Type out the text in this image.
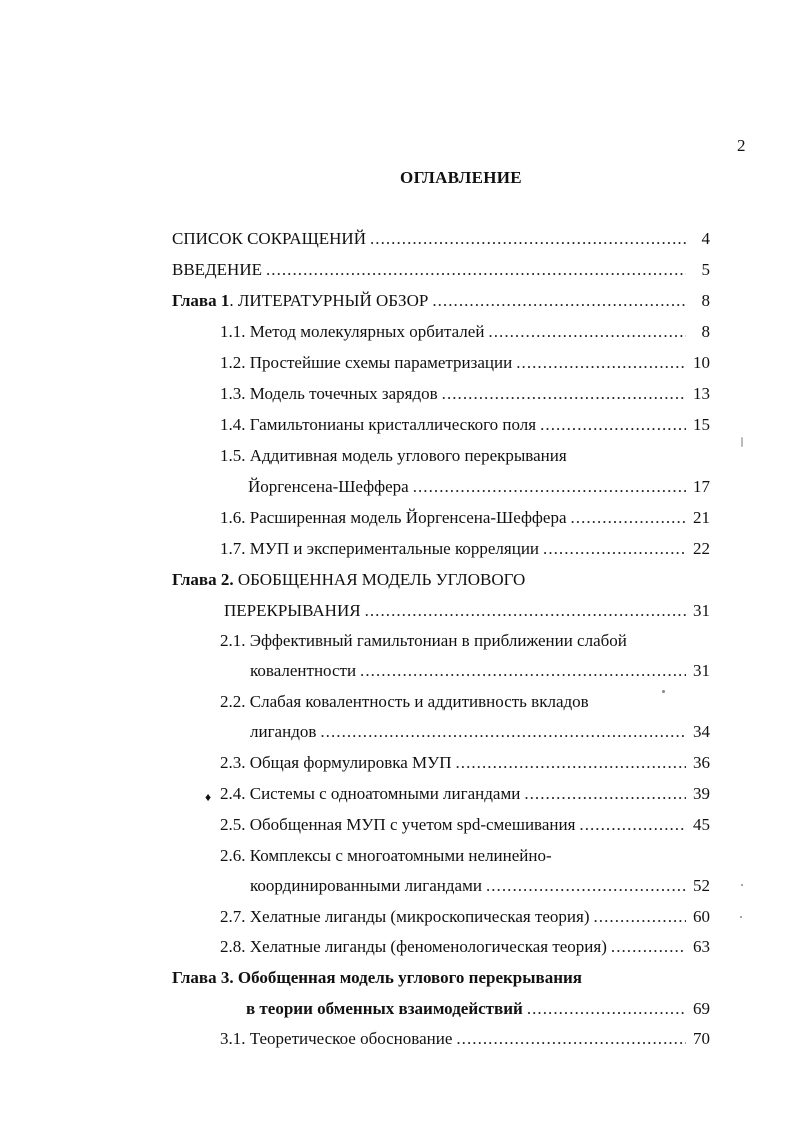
2
ОГЛАВЛЕНИЕ
СПИСОК СОКРАЩЕНИЙ . . .	4
ВВЕДЕНИЕ . . .	5
Глава 1. ЛИТЕРАТУРНЫЙ ОБЗОР . . .	8
1.1. Метод молекулярных орбиталей . . .	8
1.2. Простейшие схемы параметризации . . .	10
1.3. Модель точечных зарядов . . .	13
1.4. Гамильтонианы кристаллического поля . . .	15
1.5. Аддитивная модель углового перекрывания
Йоргенсена-Шеффера . . .	17
1.6. Расширенная модель Йоргенсена-Шеффера . . .	21
1.7. МУП и экспериментальные корреляции . . .	22
Глава 2. ОБОБЩЕННАЯ МОДЕЛЬ УГЛОВОГО
ПЕРЕКРЫВАНИЯ . . .	31
2.1. Эффективный гамильтониан в приближении слабой
ковалентности . . .	31
2.2. Слабая ковалентность и аддитивность вкладов
лигандов . . .	34
2.3. Общая формулировка МУП . . .	36
2.4. Системы с одноатомными лигандами . . .	39
2.5. Обобщенная МУП с учетом spd-смешивания . . .	45
2.6. Комплексы с многоатомными нелинейно-
координированными лигандами . . .	52
2.7. Хелатные лиганды (микроскопическая теория) . . .	60
2.8. Хелатные лиганды (феноменологическая теория) . . .	63
Глава 3. Обобщенная модель углового перекрывания
в теории обменных взаимодействий . . .	69
3.1. Теоретическое обоснование . . .	70
♦
